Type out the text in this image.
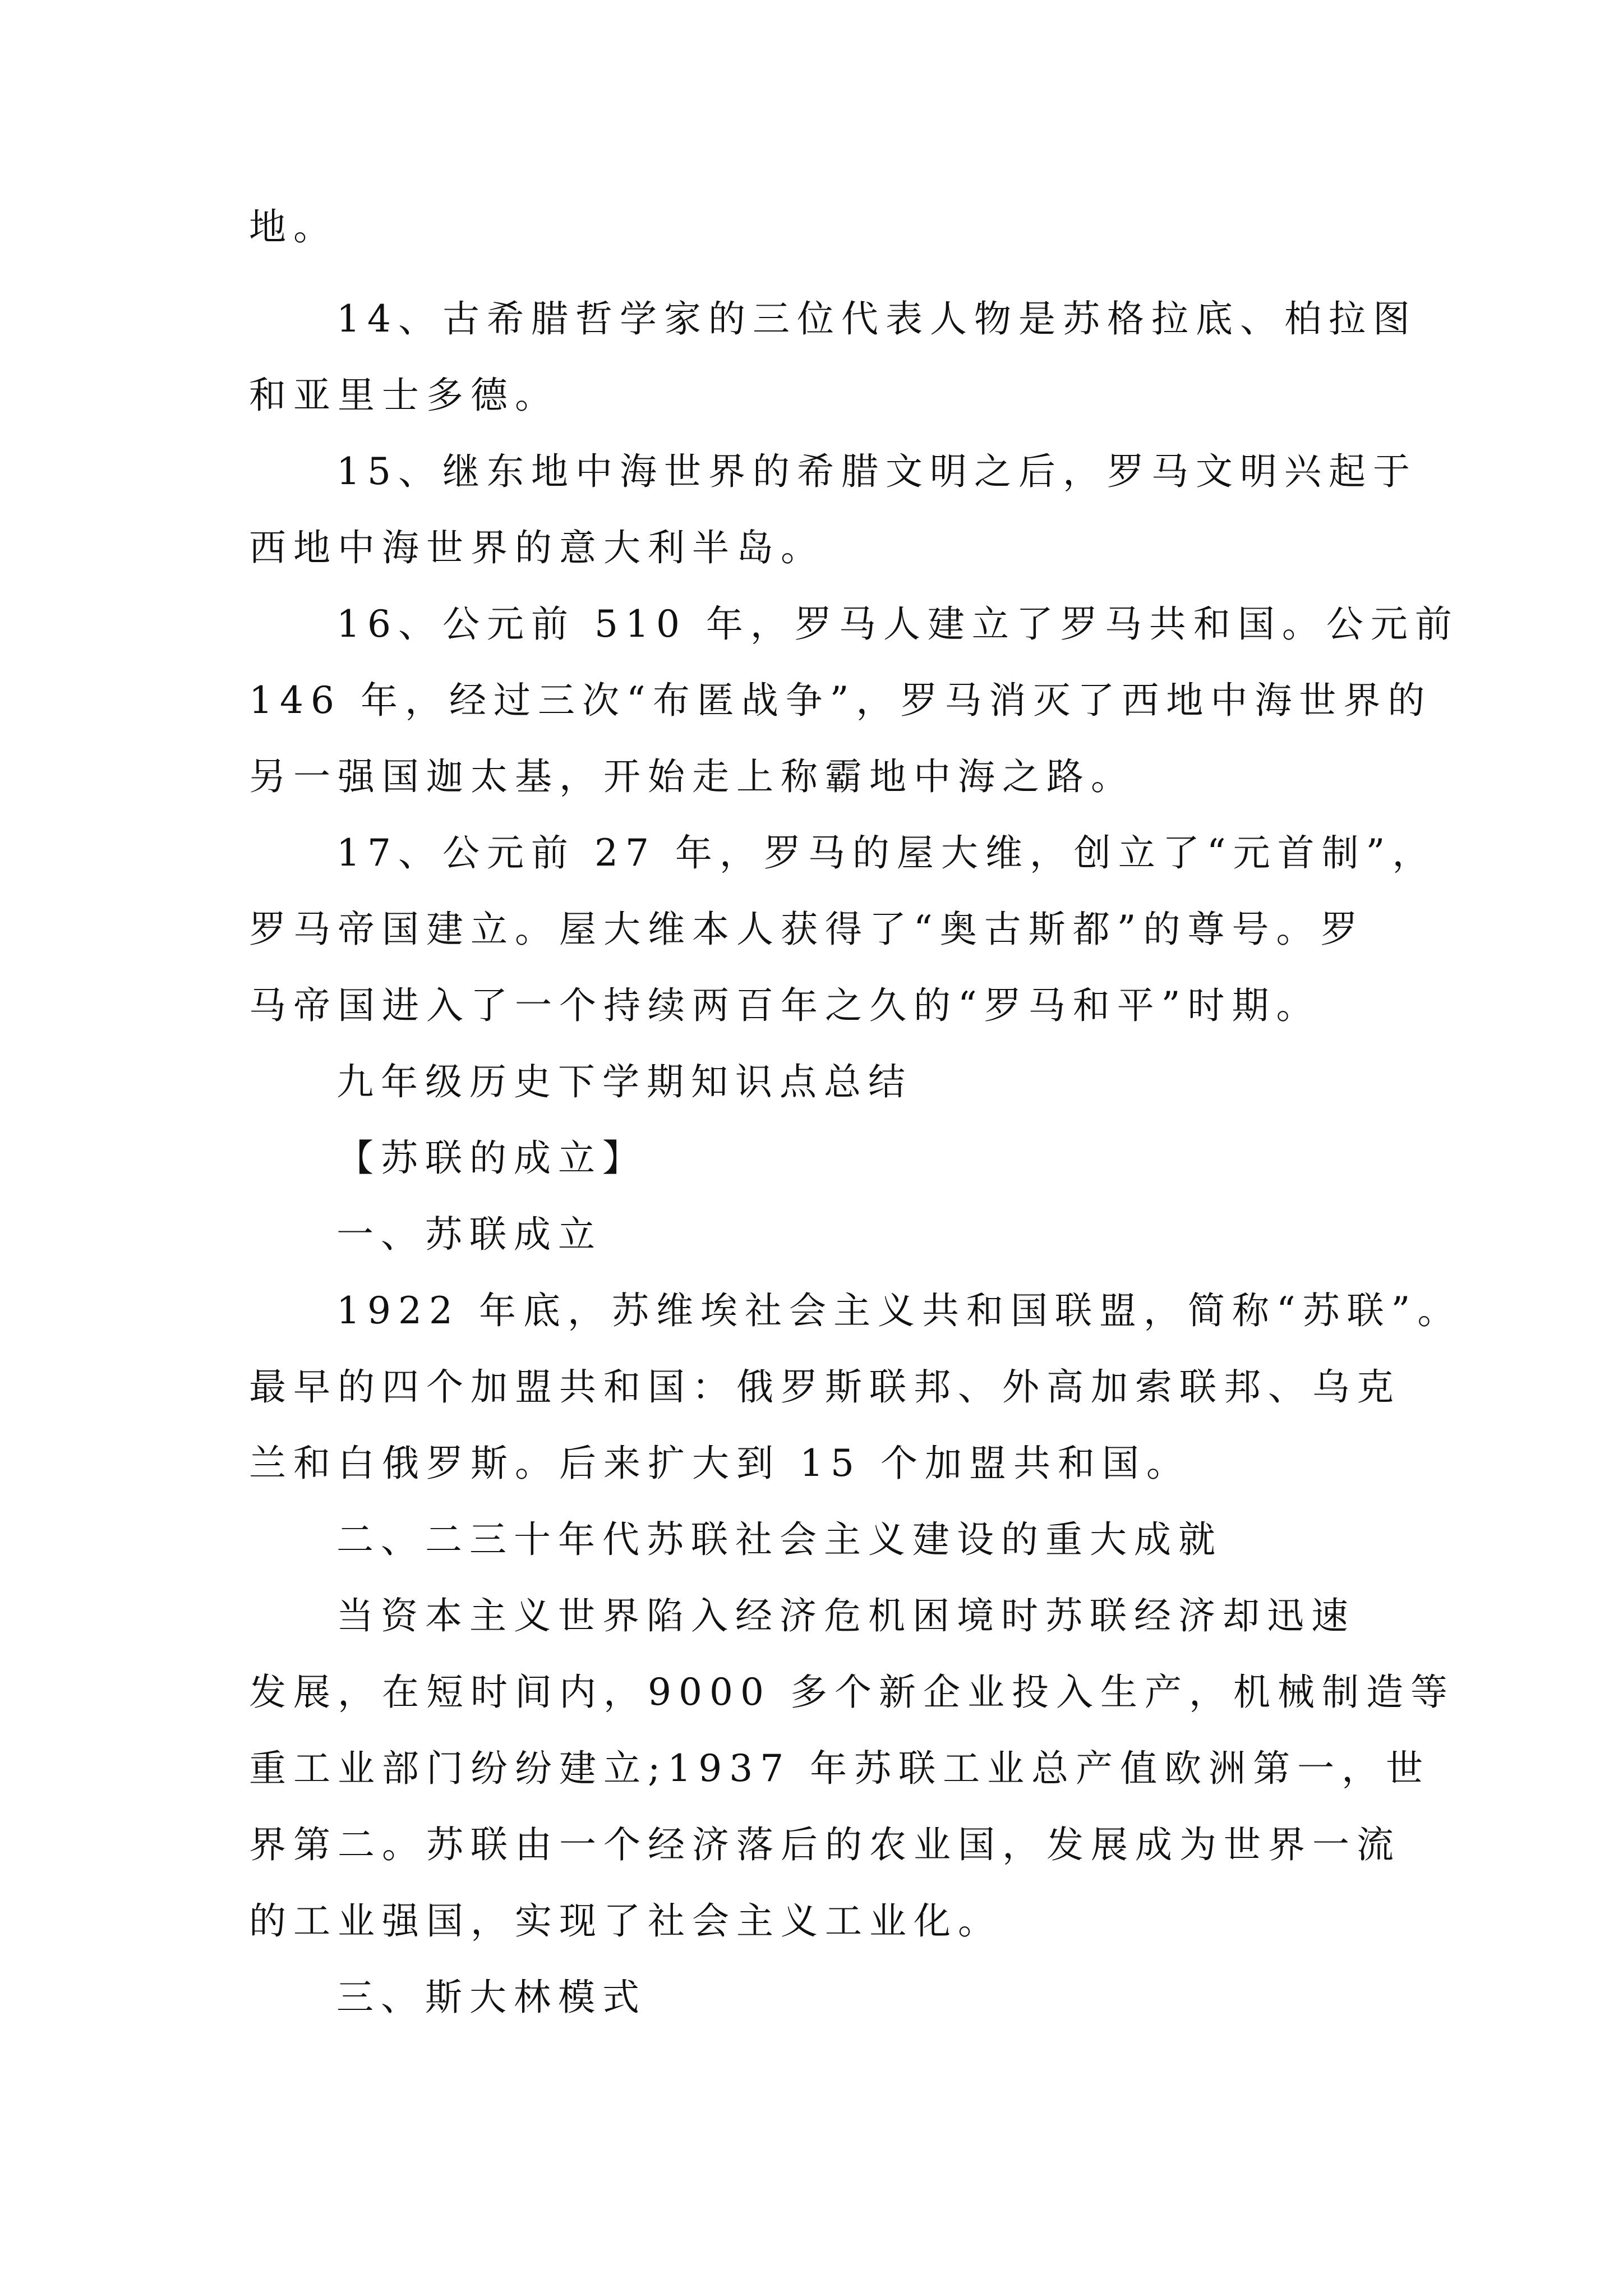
地。

14、古希腊哲学家的三位代表人物是苏格拉底、柏拉图

和亚里士多德。

15、继东地中海世界的希腊文明之后，罗马文明兴起于

西地中海世界的意大利半岛。

16、公元前 510 年，罗马人建立了罗马共和国。公元前

146 年，经过三次“布匿战争”，罗马消灭了西地中海世界的

另一强国迦太基，开始走上称霸地中海之路。

17、公元前 27 年，罗马的屋大维，创立了“元首制”，

罗马帝国建立。屋大维本人获得了“奥古斯都”的尊号。罗

马帝国进入了一个持续两百年之久的“罗马和平”时期。

九年级历史下学期知识点总结

【苏联的成立】

一、苏联成立

1922 年底，苏维埃社会主义共和国联盟，简称“苏联”。

最早的四个加盟共和国：俄罗斯联邦、外高加索联邦、乌克

兰和白俄罗斯。后来扩大到 15 个加盟共和国。

二、二三十年代苏联社会主义建设的重大成就

当资本主义世界陷入经济危机困境时苏联经济却迅速

发展，在短时间内，9000 多个新企业投入生产，机械制造等

重工业部门纷纷建立;1937 年苏联工业总产值欧洲第一，世

界第二。苏联由一个经济落后的农业国，发展成为世界一流

的工业强国，实现了社会主义工业化。

三、斯大林模式
